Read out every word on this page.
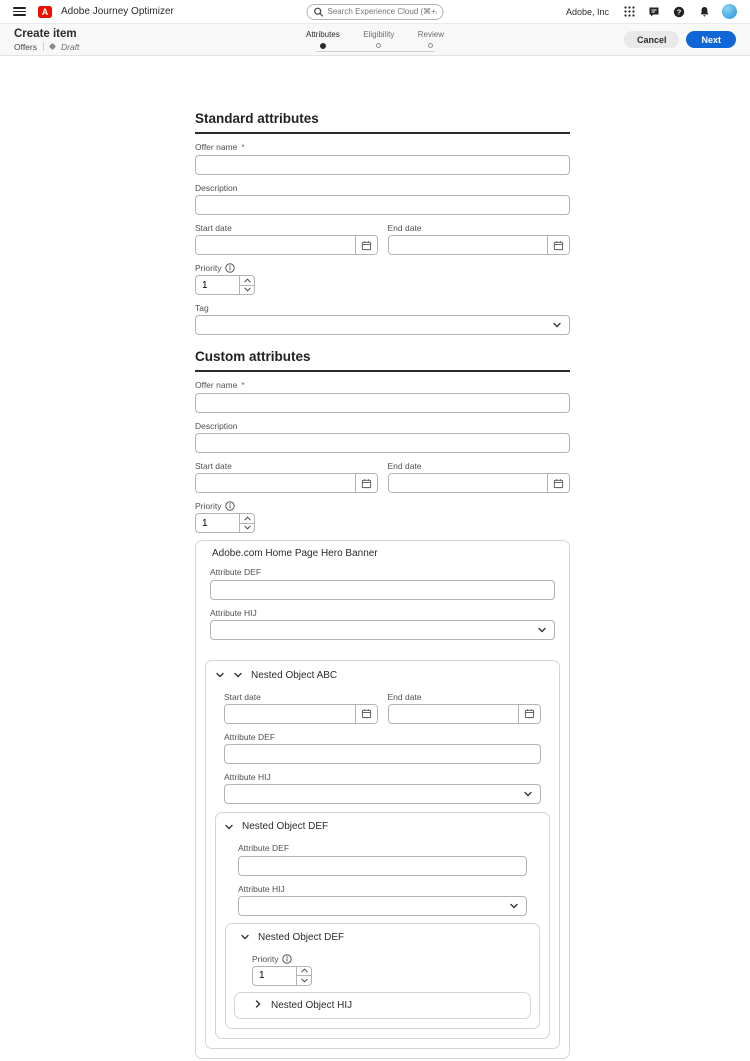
A	Adobe Journey Optimizer
Search Experience Cloud (⌘+/)	Adobe, Inc	?
Create item
Offers	Draft
Attributes	Eligibility	Review	Cancel	Next
Standard attributes
Offer name *
Description
Start date	End date
Priority
1
Tag
Custom attributes
Offer name *
Description
Start date	End date
Priority
1
Adobe.com Home Page Hero Banner
Attribute DEF
Attribute HIJ
Nested Object ABC
Start date	End date
Attribute DEF
Attribute HIJ
Nested Object DEF
Attribute DEF
Attribute HIJ
Nested Object DEF
Priority
1
Nested Object HIJ
